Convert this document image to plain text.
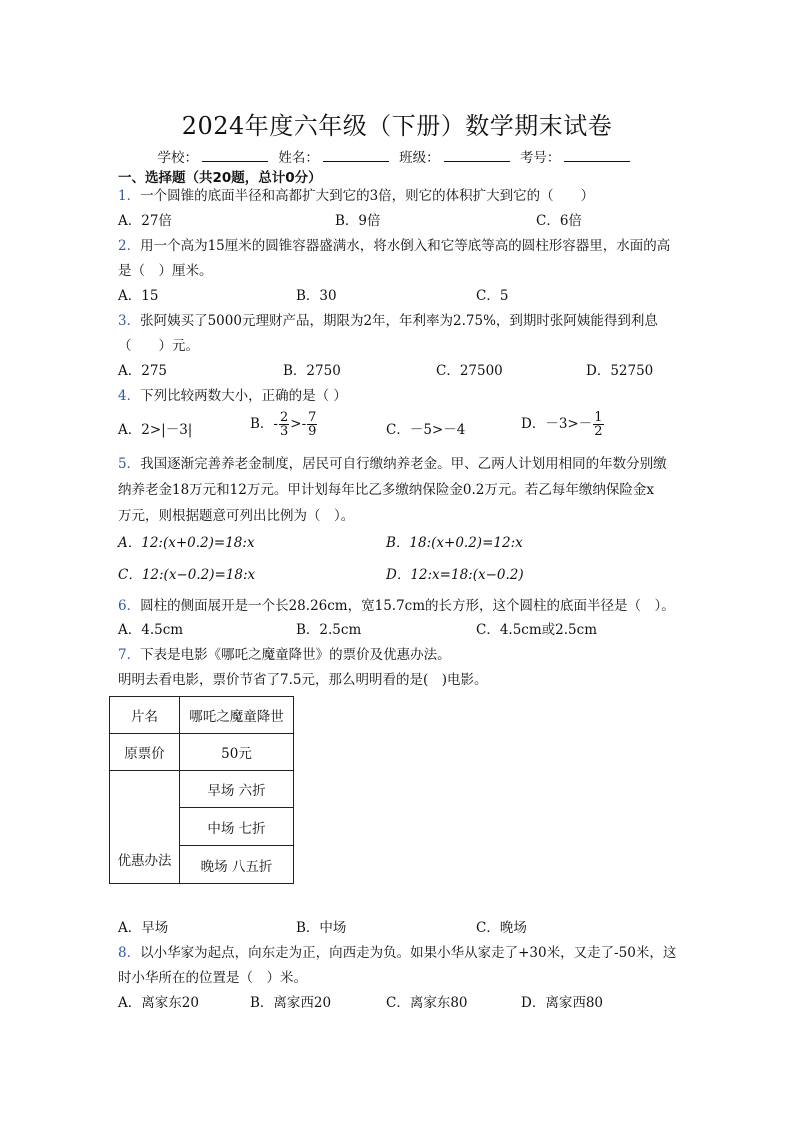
2024年度六年级（下册）数学期末试卷
学校：	姓名：	班级：	考号：
一、选择题（共20题，总计0分）
1．一个圆锥的底面半径和高都扩大到它的3倍，则它的体积扩大到它的（　　）
A．27倍	B．9倍	C．6倍
2．用一个高为15厘米的圆锥容器盛满水，将水倒入和它等底等高的圆柱形容器里，水面的高
是（　）厘米。
A．15	B．30	C．5
3．张阿姨买了5000元理财产品，期限为2年，年利率为2.75%，到期时张阿姨能得到利息
（　　）元。
A．275	B．2750	C．27500	D．52750
4．下列比较两数大小，正确的是（ ）
A．2>|－3|	B．- $\frac{2}{3} >- \frac{7}{9}$	C．－5>－4	D．$-3>- \frac{1}{2}$
5．我国逐渐完善养老金制度，居民可自行缴纳养老金。甲、乙两人计划用相同的年数分别缴
纳养老金18万元和12万元。甲计划每年比乙多缴纳保险金0.2万元。若乙每年缴纳保险金x
万元，则根据题意可列出比例为（　）。
A．12:(x+0.2)=18:x	B．18:(x+0.2)=12:x
C．12:(x−0.2)=18:x	D．12:x=18:(x−0.2)
6．圆柱的侧面展开是一个长28.26cm，宽15.7cm的长方形，这个圆柱的底面半径是（　）。
A．4.5cm	B．2.5cm	C．4.5cm或2.5cm
7．下表是电影《哪吒之魔童降世》的票价及优惠办法。
明明去看电影，票价节省了7.5元，那么明明看的是(　)电影。
片名	哪吒之魔童降世
原票价	50元
优惠办法	早场 六折
	中场 七折
	晚场 八五折
A．早场	B．中场	C．晚场
8．以小华家为起点，向东走为正，向西走为负。如果小华从家走了+30米，又走了-50米，这
时小华所在的位置是（　）米。
A．离家东20	B．离家西20	C．离家东80	D．离家西80
